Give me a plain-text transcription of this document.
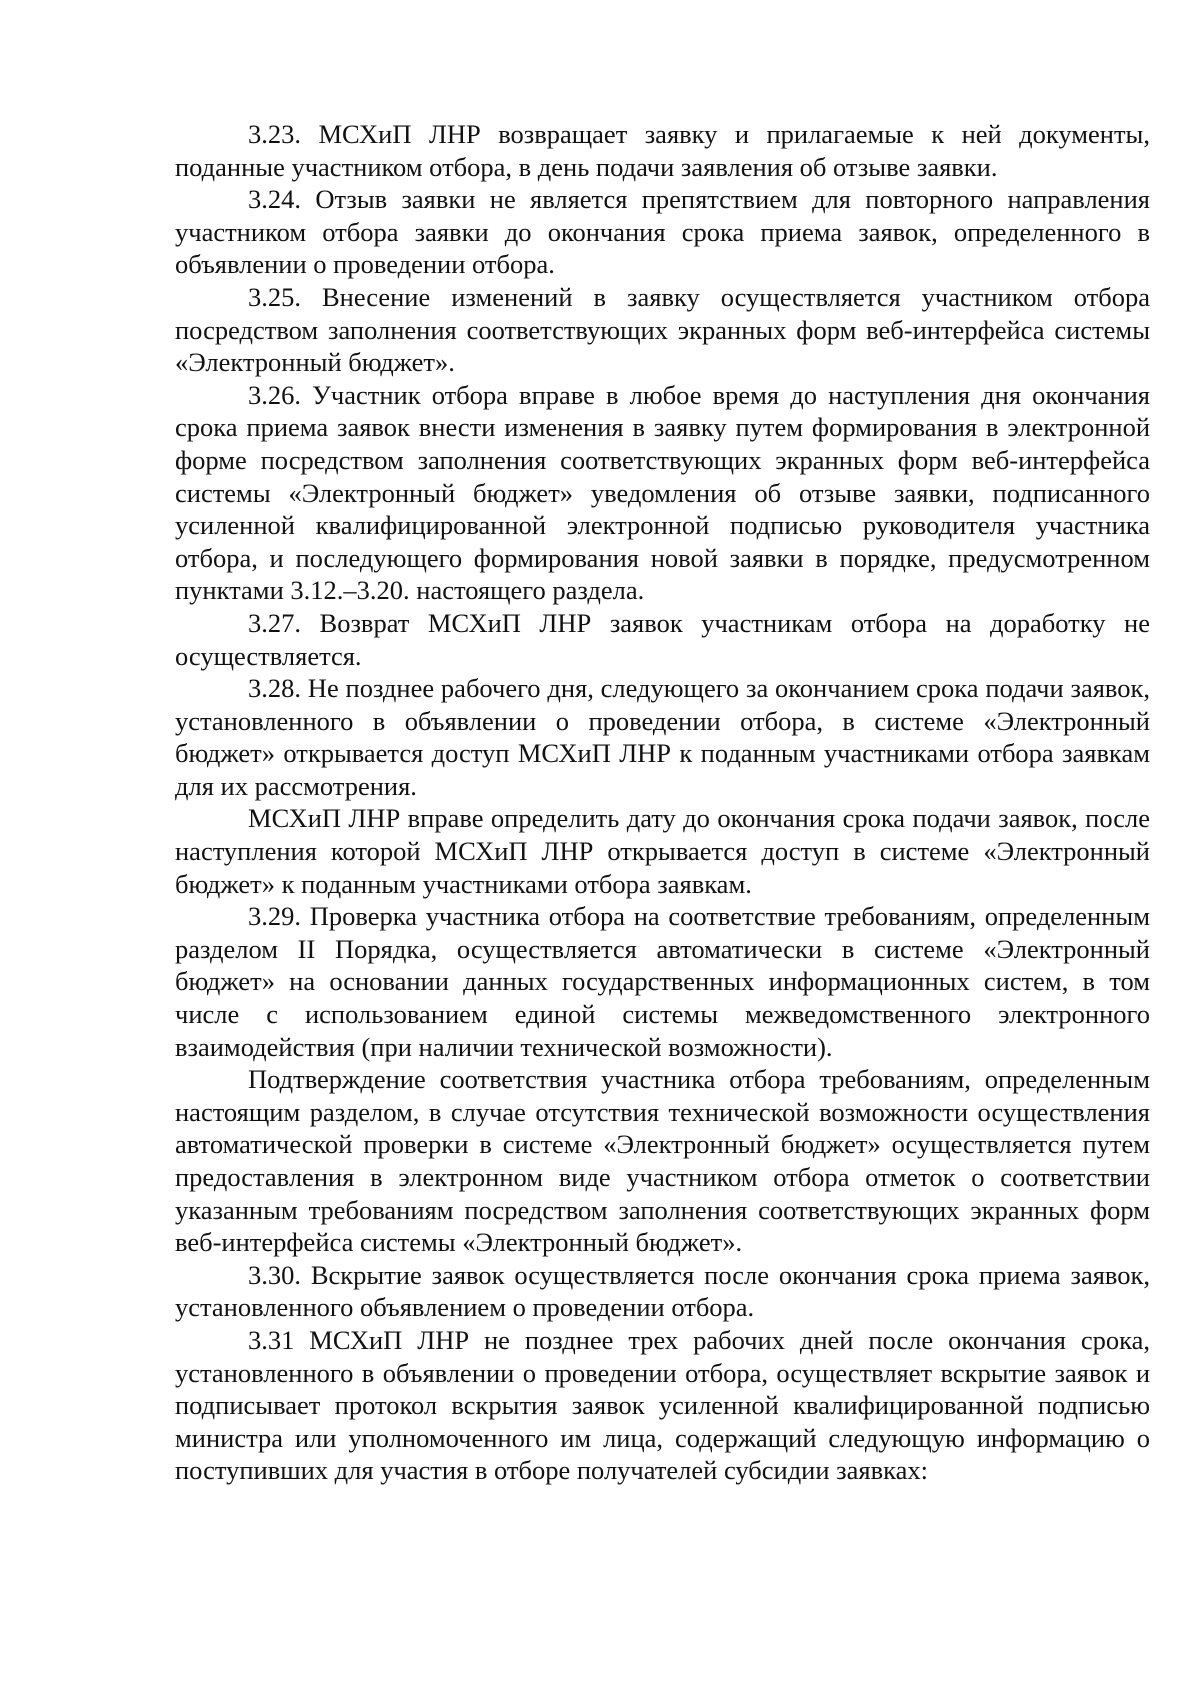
3.23. МСХиП ЛНР возвращает заявку и прилагаемые к ней документы, поданные участником отбора, в день подачи заявления об отзыве заявки.

3.24. Отзыв заявки не является препятствием для повторного направления участником отбора заявки до окончания срока приема заявок, определенного в объявлении о проведении отбора.

3.25. Внесение изменений в заявку осуществляется участником отбора посредством заполнения соответствующих экранных форм веб-интерфейса системы «Электронный бюджет».

3.26. Участник отбора вправе в любое время до наступления дня окончания срока приема заявок внести изменения в заявку путем формирования в электронной форме посредством заполнения соответствующих экранных форм веб-интерфейса системы «Электронный бюджет» уведомления об отзыве заявки, подписанного усиленной квалифицированной электронной подписью руководителя участника отбора, и последующего формирования новой заявки в порядке, предусмотренном пунктами 3.12.–3.20. настоящего раздела.

3.27. Возврат МСХиП ЛНР заявок участникам отбора на доработку не осуществляется.

3.28. Не позднее рабочего дня, следующего за окончанием срока подачи заявок, установленного в объявлении о проведении отбора, в системе «Электронный бюджет» открывается доступ МСХиП ЛНР к поданным участниками отбора заявкам для их рассмотрения.

МСХиП ЛНР вправе определить дату до окончания срока подачи заявок, после наступления которой МСХиП ЛНР открывается доступ в системе «Электронный бюджет» к поданным участниками отбора заявкам.

3.29. Проверка участника отбора на соответствие требованиям, определенным разделом II Порядка, осуществляется автоматически в системе «Электронный бюджет» на основании данных государственных информационных систем, в том числе с использованием единой системы межведомственного электронного взаимодействия (при наличии технической возможности).

Подтверждение соответствия участника отбора требованиям, определенным настоящим разделом, в случае отсутствия технической возможности осуществления автоматической проверки в системе «Электронный бюджет» осуществляется путем предоставления в электронном виде участником отбора отметок о соответствии указанным требованиям посредством заполнения соответствующих экранных форм веб-интерфейса системы «Электронный бюджет».

3.30. Вскрытие заявок осуществляется после окончания срока приема заявок, установленного объявлением о проведении отбора.

3.31 МСХиП ЛНР не позднее трех рабочих дней после окончания срока, установленного в объявлении о проведении отбора, осуществляет вскрытие заявок и подписывает протокол вскрытия заявок усиленной квалифицированной подписью министра или уполномоченного им лица, содержащий следующую информацию о поступивших для участия в отборе получателей субсидии заявках:
